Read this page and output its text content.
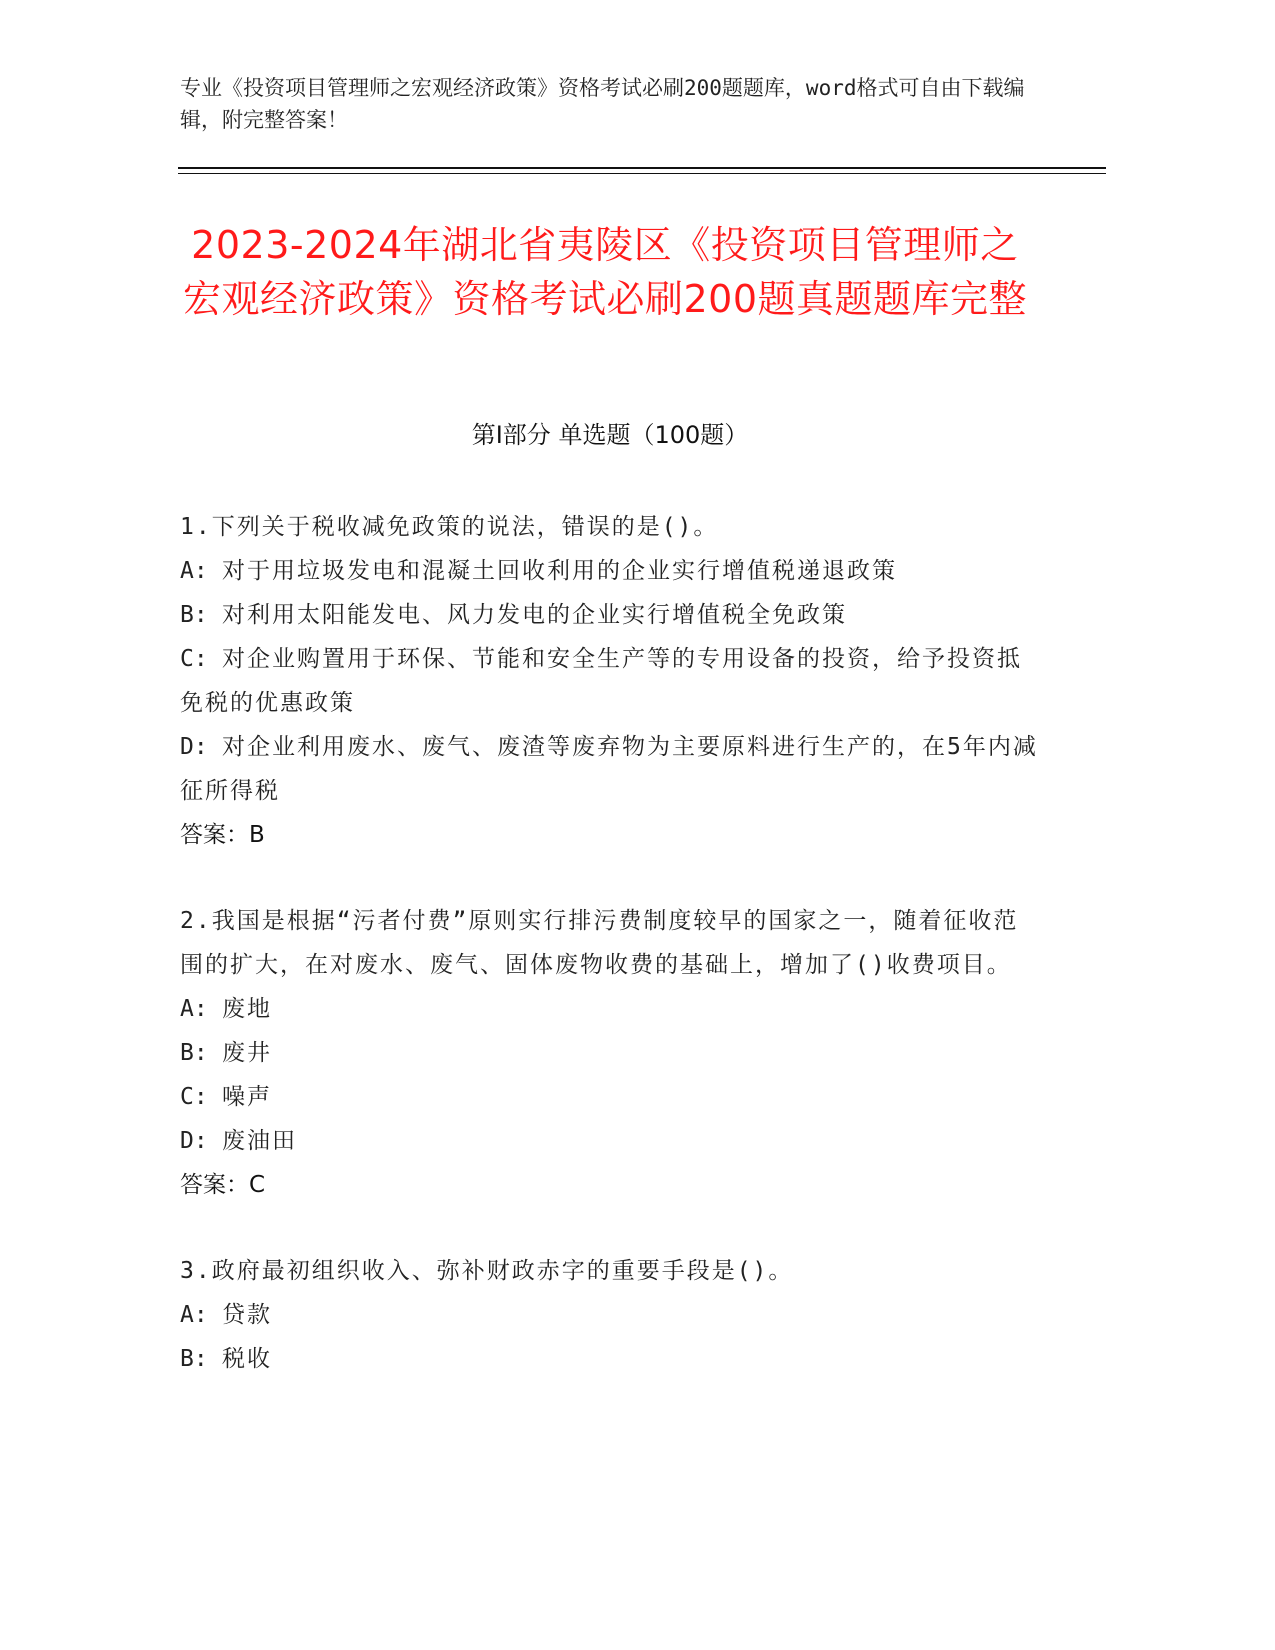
专业《投资项目管理师之宏观经济政策》资格考试必刷200题题库，word格式可自由下载编辑，附完整答案！
2023-2024年湖北省夷陵区《投资项目管理师之宏观经济政策》资格考试必刷200题真题题库完整
第Ⅰ部分 单选题（100题）

1.下列关于税收减免政策的说法，错误的是()。

A: 对于用垃圾发电和混凝土回收利用的企业实行增值税递退政策

B: 对利用太阳能发电、风力发电的企业实行增值税全免政策

C: 对企业购置用于环保、节能和安全生产等的专用设备的投资，给予投资抵免税的优惠政策

D: 对企业利用废水、废气、废渣等废弃物为主要原料进行生产的，在5年内减征所得税

答案：B

2.我国是根据“污者付费”原则实行排污费制度较早的国家之一，随着征收范围的扩大，在对废水、废气、固体废物收费的基础上，增加了()收费项目。

A: 废地

B: 废井

C: 噪声

D: 废油田

答案：C

3.政府最初组织收入、弥补财政赤字的重要手段是()。

A: 贷款

B: 税收
